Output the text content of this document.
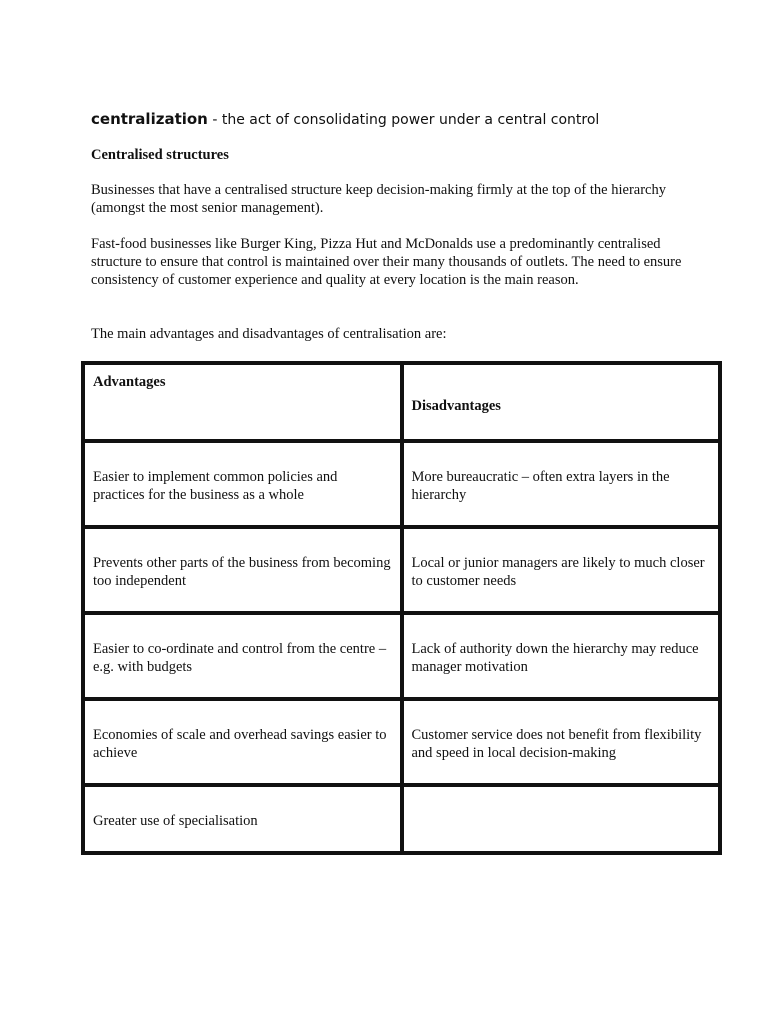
centralization - the act of consolidating power under a central control
Centralised structures

Businesses that have a centralised structure keep decision-making firmly at the top of the hierarchy (amongst the most senior management).

Fast-food businesses like Burger King, Pizza Hut and McDonalds use a predominantly centralised structure to ensure that control is maintained over their many thousands of outlets. The need to ensure consistency of customer experience and quality at every location is the main reason.

The main advantages and disadvantages of centralisation are:

Advantages	Disadvantages

Easier to implement common policies and practices for the business as a whole	More bureaucratic – often extra layers in the hierarchy

Prevents other parts of the business from becoming too independent	Local or junior managers are likely to much closer to customer needs

Easier to co-ordinate and control from the centre – e.g. with budgets	Lack of authority down the hierarchy may reduce manager motivation

Economies of scale and overhead savings easier to achieve	Customer service does not benefit from flexibility and speed in local decision-making

Greater use of specialisation	
